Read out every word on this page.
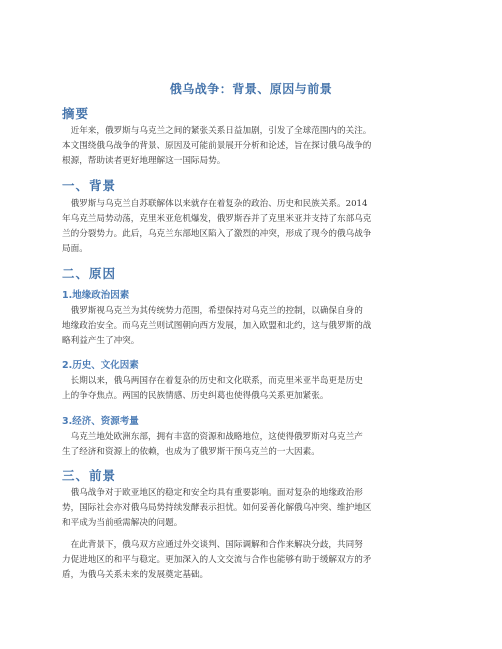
俄乌战争：背景、原因与前景
摘要
　近年来，俄罗斯与乌克兰之间的紧张关系日益加剧，引发了全球范围内的关注。
本文围绕俄乌战争的背景、原因及可能前景展开分析和论述，旨在探讨俄乌战争的
根源，帮助读者更好地理解这一国际局势。
一、背景
　俄罗斯与乌克兰自苏联解体以来就存在着复杂的政治、历史和民族关系。2014
年乌克兰局势动荡，克里米亚危机爆发，俄罗斯吞并了克里米亚并支持了东部乌克
兰的分裂势力。此后，乌克兰东部地区陷入了激烈的冲突，形成了现今的俄乌战争
局面。
二、原因
1.地缘政治因素
　俄罗斯视乌克兰为其传统势力范围，希望保持对乌克兰的控制，以确保自身的
地缘政治安全。而乌克兰则试图朝向西方发展，加入欧盟和北约，这与俄罗斯的战
略利益产生了冲突。
2.历史、文化因素
　长期以来，俄乌两国存在着复杂的历史和文化联系，而克里米亚半岛更是历史
上的争夺焦点。两国的民族情感、历史纠葛也使得俄乌关系更加紧张。
3.经济、资源考量
　乌克兰地处欧洲东部，拥有丰富的资源和战略地位，这使得俄罗斯对乌克兰产
生了经济和资源上的依赖，也成为了俄罗斯干预乌克兰的一大因素。
三、前景
　俄乌战争对于欧亚地区的稳定和安全均具有重要影响。面对复杂的地缘政治形
势，国际社会亦对俄乌局势持续发酵表示担忧。如何妥善化解俄乌冲突、维护地区
和平成为当前亟需解决的问题。
　在此背景下，俄乌双方应通过外交谈判、国际调解和合作来解决分歧，共同努
力促进地区的和平与稳定。更加深入的人文交流与合作也能够有助于缓解双方的矛
盾，为俄乌关系未来的发展奠定基础。
